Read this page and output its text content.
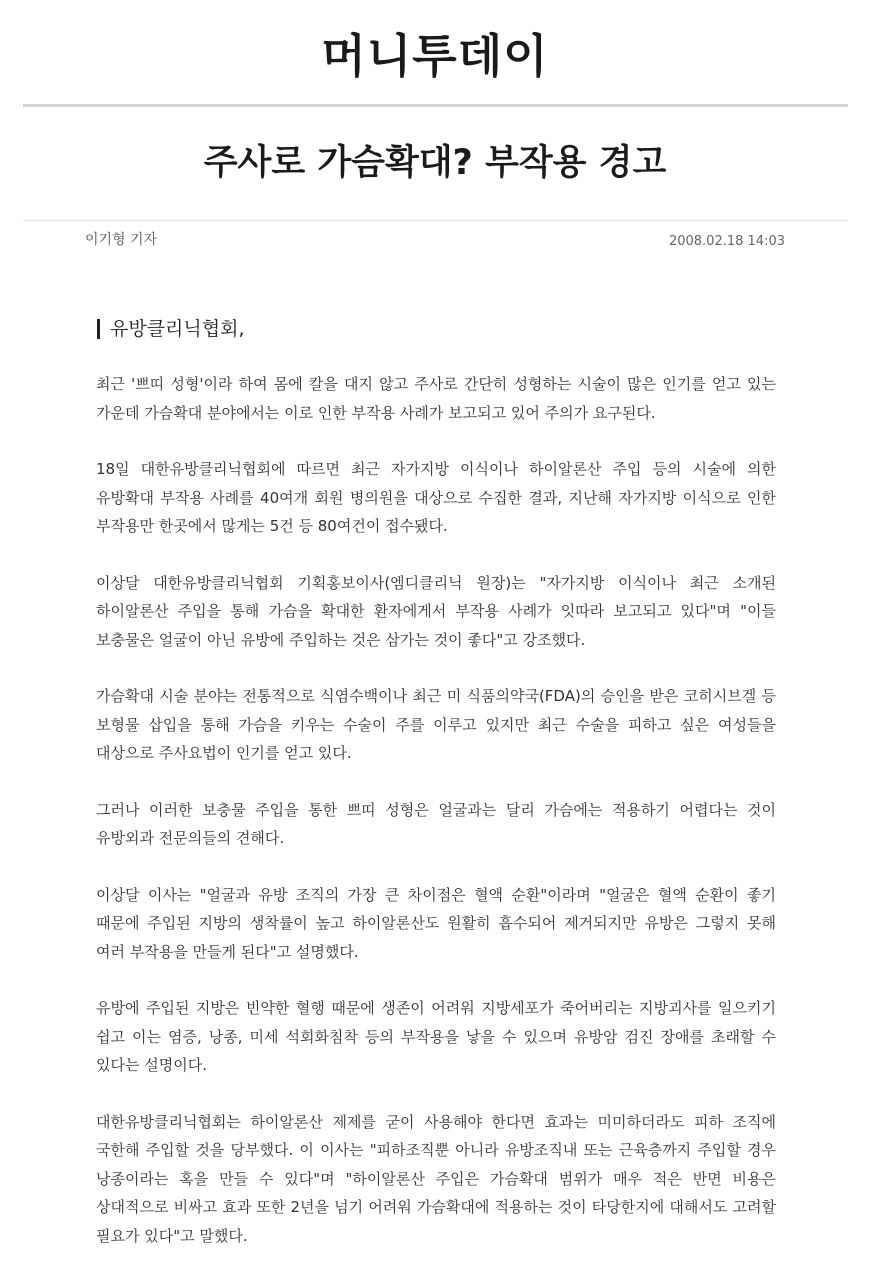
머니투데이
주사로 가슴확대? 부작용 경고
이기형 기자	2008.02.18 14:03
유방클리닉협회,

최근 '쁘띠 성형'이라 하여 몸에 칼을 대지 않고 주사로 간단히 성형하는 시술이 많은 인기를 얻고 있는 가운데 가슴확대 분야에서는 이로 인한 부작용 사례가 보고되고 있어 주의가 요구된다.

18일 대한유방클리닉협회에 따르면 최근 자가지방 이식이나 하이알론산 주입 등의 시술에 의한 유방확대 부작용 사례를 40여개 회원 병의원을 대상으로 수집한 결과, 지난해 자가지방 이식으로 인한 부작용만 한곳에서 많게는 5건 등 80여건이 접수됐다.

이상달 대한유방클리닉협회 기획홍보이사(엠디클리닉 원장)는 "자가지방 이식이나 최근 소개된 하이알론산 주입을 통해 가슴을 확대한 환자에게서 부작용 사례가 잇따라 보고되고 있다"며 "이들 보충물은 얼굴이 아닌 유방에 주입하는 것은 삼가는 것이 좋다"고 강조했다.

가슴확대 시술 분야는 전통적으로 식염수백이나 최근 미 식품의약국(FDA)의 승인을 받은 코히시브겔 등 보형물 삽입을 통해 가슴을 키우는 수술이 주를 이루고 있지만 최근 수술을 피하고 싶은 여성들을 대상으로 주사요법이 인기를 얻고 있다.

그러나 이러한 보충물 주입을 통한 쁘띠 성형은 얼굴과는 달리 가슴에는 적용하기 어렵다는 것이 유방외과 전문의들의 견해다.

이상달 이사는 "얼굴과 유방 조직의 가장 큰 차이점은 혈액 순환"이라며 "얼굴은 혈액 순환이 좋기 때문에 주입된 지방의 생착률이 높고 하이알론산도 원활히 흡수되어 제거되지만 유방은 그렇지 못해 여러 부작용을 만들게 된다"고 설명했다.

유방에 주입된 지방은 빈약한 혈행 때문에 생존이 어려워 지방세포가 죽어버리는 지방괴사를 일으키기 쉽고 이는 염증, 낭종, 미세 석회화침착 등의 부작용을 낳을 수 있으며 유방암 검진 장애를 초래할 수 있다는 설명이다.

대한유방클리닉협회는 하이알론산 제제를 굳이 사용해야 한다면 효과는 미미하더라도 피하 조직에 국한해 주입할 것을 당부했다. 이 이사는 "피하조직뿐 아니라 유방조직내 또는 근육층까지 주입할 경우 낭종이라는 혹을 만들 수 있다"며 "하이알론산 주입은 가슴확대 범위가 매우 적은 반면 비용은 상대적으로 비싸고 효과 또한 2년을 넘기 어려워 가슴확대에 적용하는 것이 타당한지에 대해서도 고려할 필요가 있다"고 말했다.
